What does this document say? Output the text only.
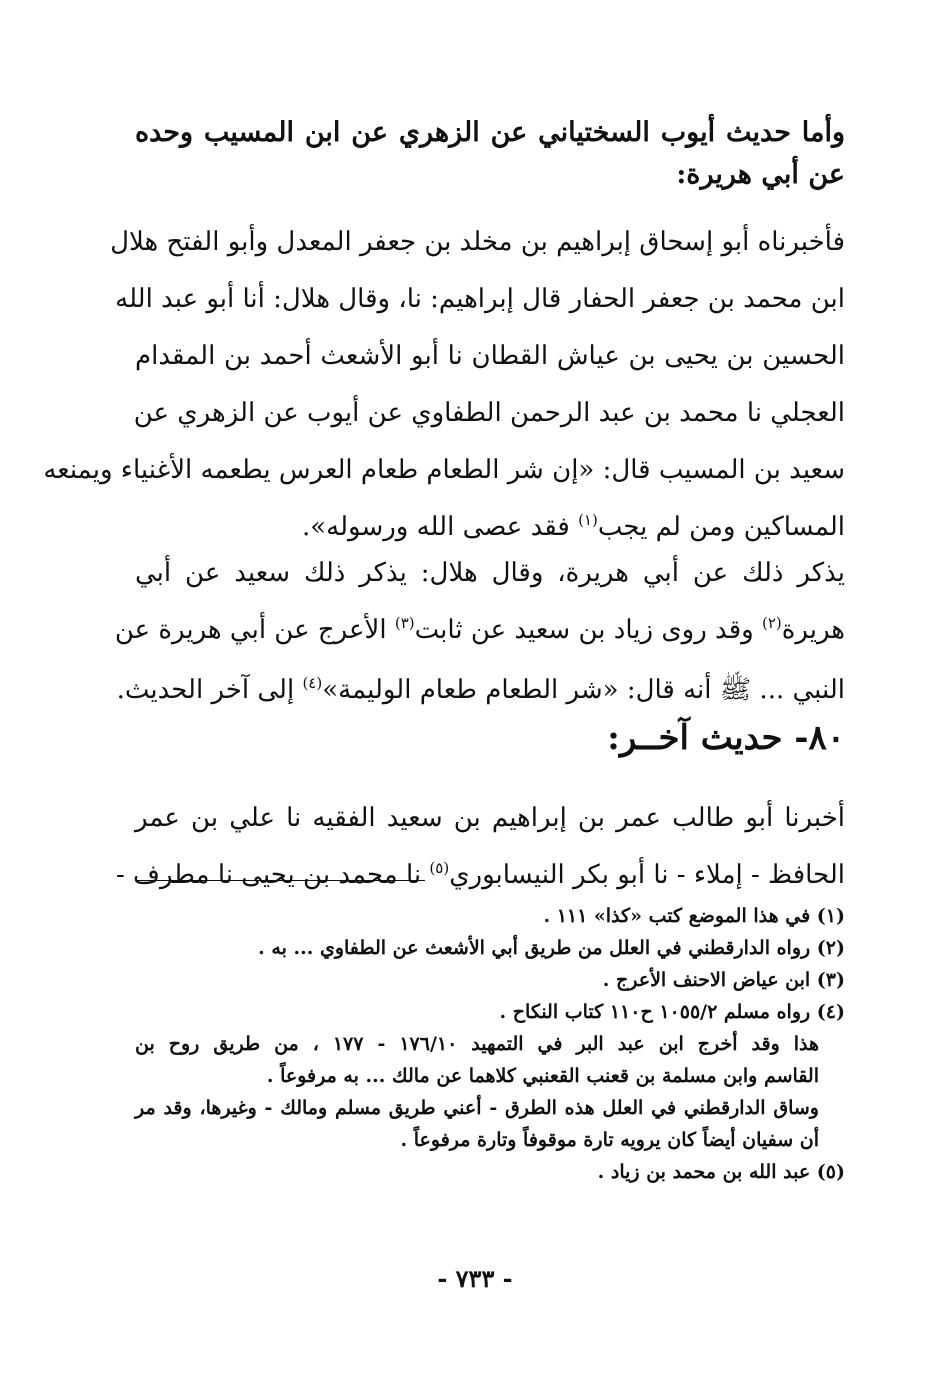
وأما حديث أيوب السختياني عن الزهري عن ابن المسيب وحده
عن أبي هريرة:
فأخبرناه أبو إسحاق إبراهيم بن مخلد بن جعفر المعدل وأبو الفتح هلال
ابن محمد بن جعفر الحفار قال إبراهيم: نا، وقال هلال: أنا أبو عبد الله
الحسين بن يحيى بن عياش القطان نا أبو الأشعث أحمد بن المقدام
العجلي نا محمد بن عبد الرحمن الطفاوي عن أيوب عن الزهري عن
سعيد بن المسيب قال: «إن شر الطعام طعام العرس يطعمه الأغنياء ويمنعه
المساكين ومن لم يجب$^{(١)}$ فقد عصى الله ورسوله».
يذكر ذلك عن أبي هريرة، وقال هلال: يذكر ذلك سعيد عن أبي
هريرة$^{(٢)}$ وقد روى زياد بن سعيد عن ثابت$^{(٣)}$ الأعرج عن أبي هريرة عن
النبي ... ﷺ أنه قال: «شر الطعام طعام الوليمة»$^{(٤)}$ إلى آخر الحديث.
٨٠- حديث آخــر:
أخبرنا أبو طالب عمر بن إبراهيم بن سعيد الفقيه نا علي بن عمر
الحافظ - إملاء - نا أبو بكر النيسابوري$^{(٥)}$ نا محمد بن يحيى نا مطرف -
(١) في هذا الموضع كتب «كذا» ١١١ .
(٢) رواه الدارقطني في العلل من طريق أبي الأشعث عن الطفاوي ... به .
(٣) ابن عياض الاحنف الأعرج .
(٤) رواه مسلم ١٠٥٥/٢ ح١١٠ كتاب النكاح .
هذا وقد أخرج ابن عبد البر في التمهيد ١٧٦/١٠ - ١٧٧ ، من طريق روح بن
القاسم وابن مسلمة بن قعنب القعنبي كلاهما عن مالك ... به مرفوعاً .
وساق الدارقطني في العلل هذه الطرق - أعني طريق مسلم ومالك - وغيرها، وقد مر
أن سفيان أيضاً كان يرويه تارة موقوفاً وتارة مرفوعاً .
(٥) عبد الله بن محمد بن زياد .
- ٧٣٣ -
